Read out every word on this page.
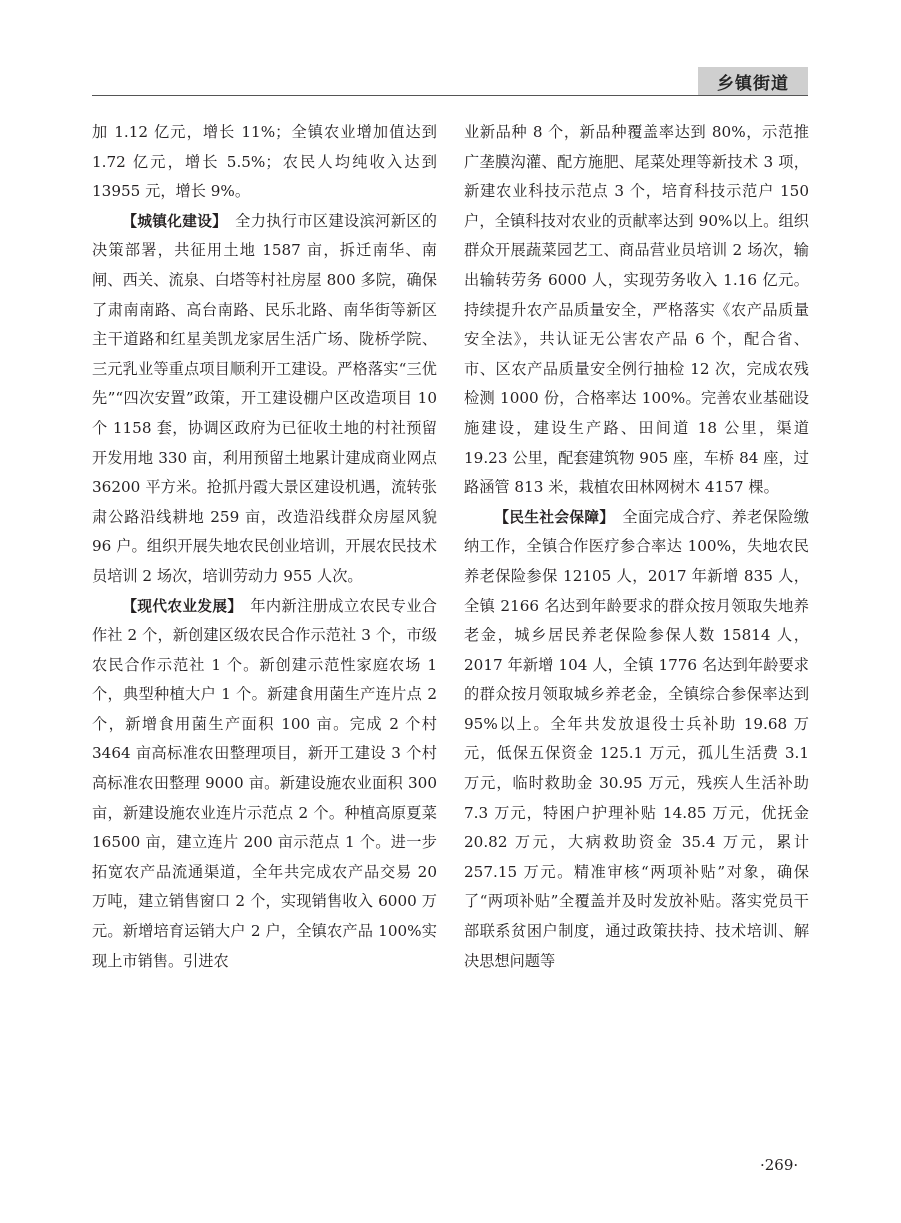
乡镇街道

加 1.12 亿元，增长 11%；全镇农业增加值达到 1.72 亿元，增长 5.5%；农民人均纯收入达到 13955 元，增长 9%。

【城镇化建设】 全力执行市区建设滨河新区的决策部署，共征用土地 1587 亩，拆迁南华、南闸、西关、流泉、白塔等村社房屋 800 多院，确保了肃南南路、高台南路、民乐北路、南华街等新区主干道路和红星美凯龙家居生活广场、陇桥学院、三元乳业等重点项目顺利开工建设。严格落实“三优先”“四次安置”政策，开工建设棚户区改造项目 10 个 1158 套，协调区政府为已征收土地的村社预留开发用地 330 亩，利用预留土地累计建成商业网点 36200 平方米。抢抓丹霞大景区建设机遇，流转张肃公路沿线耕地 259 亩，改造沿线群众房屋风貌 96 户。组织开展失地农民创业培训，开展农民技术员培训 2 场次，培训劳动力 955 人次。

【现代农业发展】 年内新注册成立农民专业合作社 2 个，新创建区级农民合作示范社 3 个，市级农民合作示范社 1 个。新创建示范性家庭农场 1 个，典型种植大户 1 个。新建食用菌生产连片点 2 个，新增食用菌生产面积 100 亩。完成 2 个村 3464 亩高标准农田整理项目，新开工建设 3 个村高标准农田整理 9000 亩。新建设施农业面积 300 亩，新建设施农业连片示范点 2 个。种植高原夏菜 16500 亩，建立连片 200 亩示范点 1 个。进一步拓宽农产品流通渠道，全年共完成农产品交易 20 万吨，建立销售窗口 2 个，实现销售收入 6000 万元。新增培育运销大户 2 户，全镇农产品 100%实现上市销售。引进农

业新品种 8 个，新品种覆盖率达到 80%，示范推广垄膜沟灌、配方施肥、尾菜处理等新技术 3 项，新建农业科技示范点 3 个，培育科技示范户 150 户，全镇科技对农业的贡献率达到 90%以上。组织群众开展蔬菜园艺工、商品营业员培训 2 场次，输出输转劳务 6000 人，实现劳务收入 1.16 亿元。持续提升农产品质量安全，严格落实《农产品质量安全法》，共认证无公害农产品 6 个，配合省、市、区农产品质量安全例行抽检 12 次，完成农残检测 1000 份，合格率达 100%。完善农业基础设施建设，建设生产路、田间道 18 公里，渠道 19.23 公里，配套建筑物 905 座，车桥 84 座，过路涵管 813 米，栽植农田林网树木 4157 棵。

【民生社会保障】 全面完成合疗、养老保险缴纳工作，全镇合作医疗参合率达 100%，失地农民养老保险参保 12105 人，2017 年新增 835 人，全镇 2166 名达到年龄要求的群众按月领取失地养老金，城乡居民养老保险参保人数 15814 人，2017 年新增 104 人，全镇 1776 名达到年龄要求的群众按月领取城乡养老金，全镇综合参保率达到 95%以上。全年共发放退役士兵补助 19.68 万元，低保五保资金 125.1 万元，孤儿生活费 3.1 万元，临时救助金 30.95 万元，残疾人生活补助 7.3 万元，特困户护理补贴 14.85 万元，优抚金 20.82 万元，大病救助资金 35.4 万元，累计 257.15 万元。精准审核“两项补贴”对象，确保了“两项补贴”全覆盖并及时发放补贴。落实党员干部联系贫困户制度，通过政策扶持、技术培训、解决思想问题等

·269·
